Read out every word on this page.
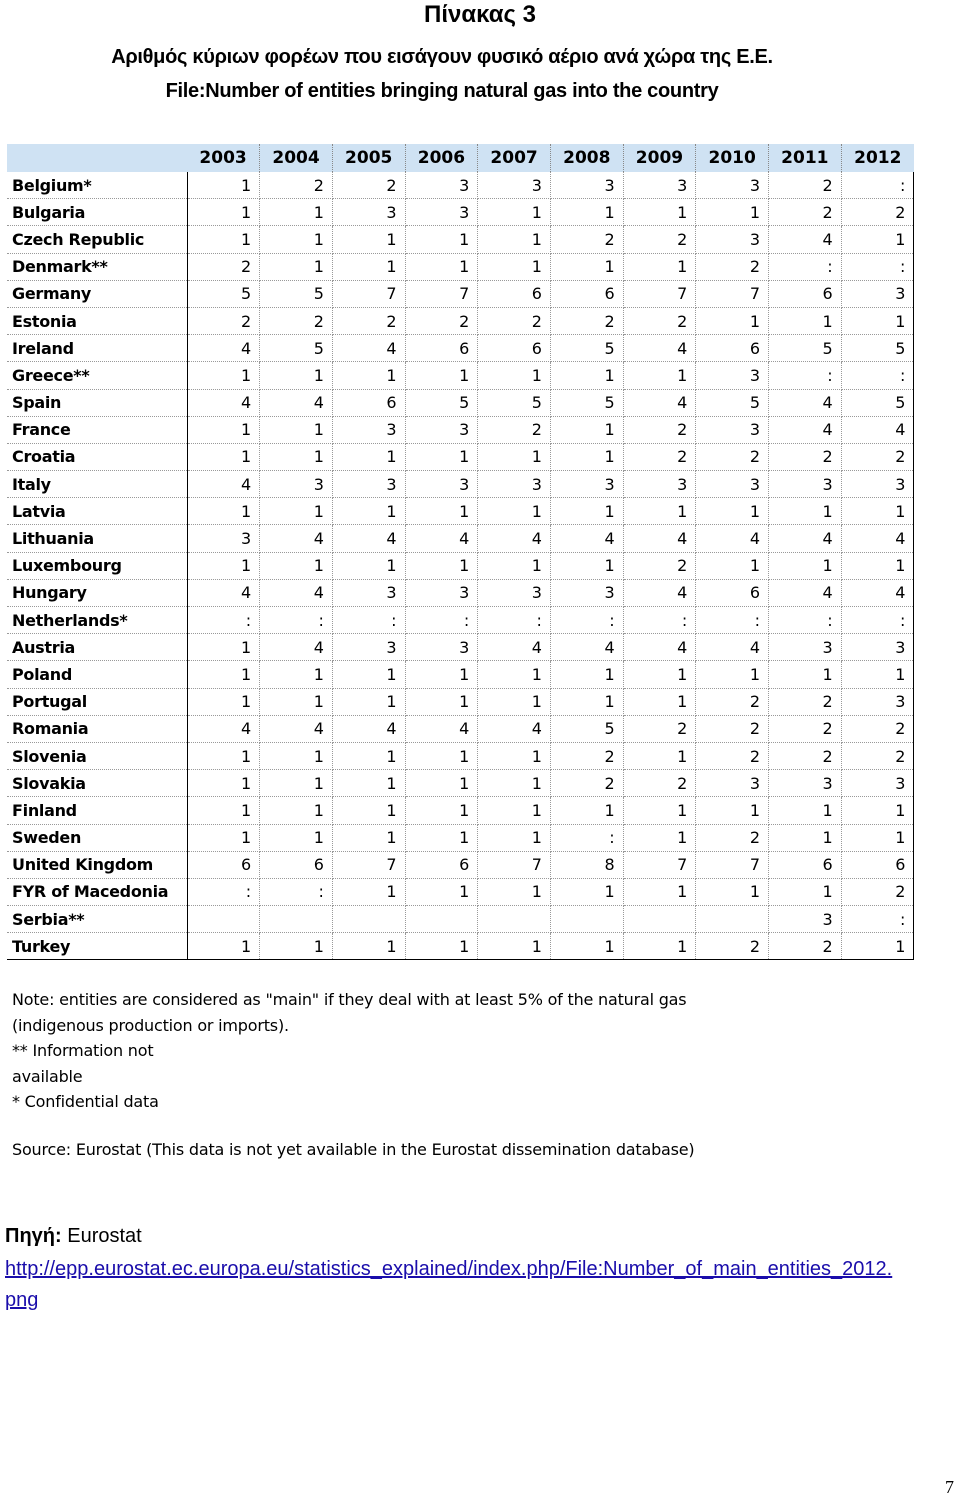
Πίνακας 3
Αριθμός κύριων φορέων που εισάγουν φυσικό αέριο ανά χώρα της Ε.Ε.
File:Number of entities bringing natural gas into the country
	2003	2004	2005	2006	2007	2008	2009	2010	2011	2012
Belgium*	1	2	2	3	3	3	3	3	2	:
Bulgaria	1	1	3	3	1	1	1	1	2	2
Czech Republic	1	1	1	1	1	2	2	3	4	1
Denmark**	2	1	1	1	1	1	1	2	:	:
Germany	5	5	7	7	6	6	7	7	6	3
Estonia	2	2	2	2	2	2	2	1	1	1
Ireland	4	5	4	6	6	5	4	6	5	5
Greece**	1	1	1	1	1	1	1	3	:	:
Spain	4	4	6	5	5	5	4	5	4	5
France	1	1	3	3	2	1	2	3	4	4
Croatia	1	1	1	1	1	1	2	2	2	2
Italy	4	3	3	3	3	3	3	3	3	3
Latvia	1	1	1	1	1	1	1	1	1	1
Lithuania	3	4	4	4	4	4	4	4	4	4
Luxembourg	1	1	1	1	1	1	2	1	1	1
Hungary	4	4	3	3	3	3	4	6	4	4
Netherlands*	:	:	:	:	:	:	:	:	:	:
Austria	1	4	3	3	4	4	4	4	3	3
Poland	1	1	1	1	1	1	1	1	1	1
Portugal	1	1	1	1	1	1	1	2	2	3
Romania	4	4	4	4	4	5	2	2	2	2
Slovenia	1	1	1	1	1	2	1	2	2	2
Slovakia	1	1	1	1	1	2	2	3	3	3
Finland	1	1	1	1	1	1	1	1	1	1
Sweden	1	1	1	1	1	:	1	2	1	1
United Kingdom	6	6	7	6	7	8	7	7	6	6
FYR of Macedonia	:	:	1	1	1	1	1	1	1	2
Serbia**									3	:
Turkey	1	1	1	1	1	1	1	2	2	1
Note: entities are considered as "main" if they deal with at least 5% of the natural gas
(indigenous production or imports).
** Information not
available
* Confidential data
Source: Eurostat (This data is not yet available in the Eurostat dissemination database)
Πηγή: Eurostat
http://epp.eurostat.ec.europa.eu/statistics_explained/index.php/File:Number_of_main_entities_2012.png
7
